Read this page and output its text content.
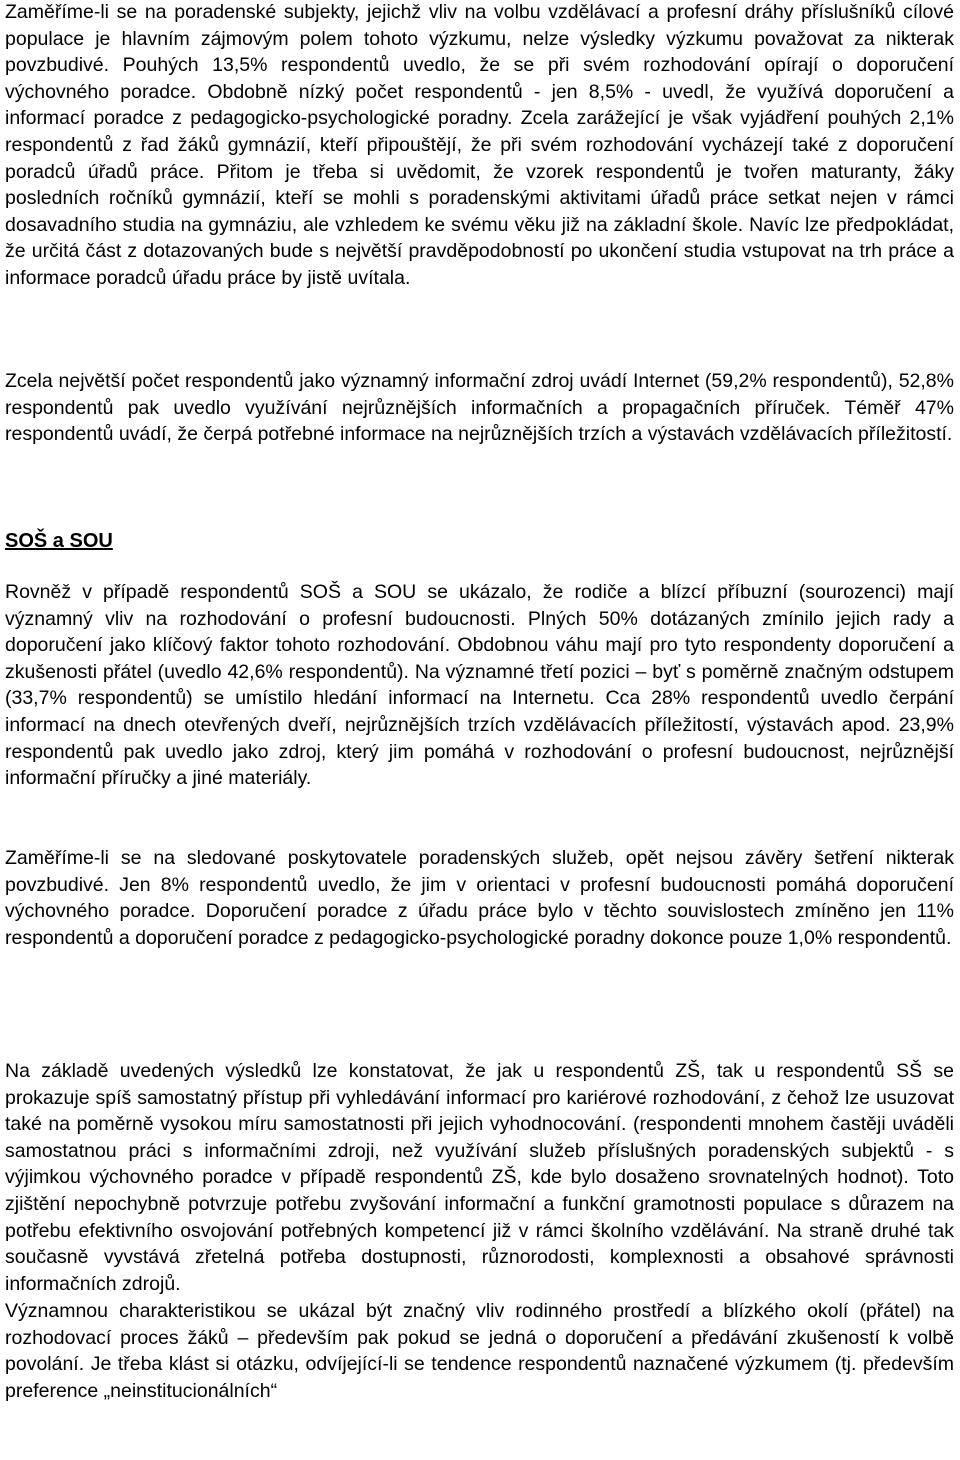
Zaměříme-li se na poradenské subjekty, jejichž vliv na volbu vzdělávací a profesní dráhy příslušníků cílové populace je hlavním zájmovým polem tohoto výzkumu, nelze výsledky výzkumu považovat za nikterak povzbudivé. Pouhých 13,5% respondentů uvedlo, že se při svém rozhodování opírají o doporučení výchovného poradce. Obdobně nízký počet respondentů - jen 8,5% - uvedl, že využívá doporučení a informací poradce z pedagogicko-psychologické poradny. Zcela zarážející je však vyjádření pouhých 2,1% respondentů z řad žáků gymnázií, kteří připouštějí, že při svém rozhodování vycházejí také z doporučení poradců úřadů práce. Přitom je třeba si uvědomit, že vzorek respondentů je tvořen maturanty, žáky posledních ročníků gymnázií, kteří se mohli s poradenskými aktivitami úřadů práce setkat nejen v rámci dosavadního studia na gymnáziu, ale vzhledem ke svému věku již na základní škole. Navíc lze předpokládat, že určitá část z dotazovaných bude s největší pravděpodobností po ukončení studia vstupovat na trh práce a informace poradců úřadu práce by jistě uvítala.

Zcela největší počet respondentů jako významný informační zdroj uvádí Internet (59,2% respondentů), 52,8% respondentů pak uvedlo využívání nejrůznějších informačních a propagačních příruček. Téměř 47% respondentů uvádí, že čerpá potřebné informace na nejrůznějších trzích a výstavách vzdělávacích příležitostí.

SOŠ a SOU

Rovněž v případě respondentů SOŠ a SOU se ukázalo, že rodiče a blízcí příbuzní (sourozenci) mají významný vliv na rozhodování o profesní budoucnosti. Plných 50% dotázaných zmínilo jejich rady a doporučení jako klíčový faktor tohoto rozhodování. Obdobnou váhu mají pro tyto respondenty doporučení a zkušenosti přátel (uvedlo 42,6% respondentů). Na významné třetí pozici – byť s poměrně značným odstupem (33,7% respondentů) se umístilo hledání informací na Internetu. Cca 28% respondentů uvedlo čerpání informací na dnech otevřených dveří, nejrůznějších trzích vzdělávacích příležitostí, výstavách apod. 23,9% respondentů pak uvedlo jako zdroj, který jim pomáhá v rozhodování o profesní budoucnost, nejrůznější informační příručky a jiné materiály.

Zaměříme-li se na sledované poskytovatele poradenských služeb, opět nejsou závěry šetření nikterak povzbudivé. Jen 8% respondentů uvedlo, že jim v orientaci v profesní budoucnosti pomáhá doporučení výchovného poradce. Doporučení poradce z úřadu práce bylo v těchto souvislostech zmíněno jen 11% respondentů a doporučení poradce z pedagogicko-psychologické poradny dokonce pouze 1,0% respondentů.

Na základě uvedených výsledků lze konstatovat, že jak u respondentů ZŠ, tak u respondentů SŠ se prokazuje spíš samostatný přístup při vyhledávání informací pro kariérové rozhodování, z čehož lze usuzovat také na poměrně vysokou míru samostatnosti při jejich vyhodnocování. (respondenti mnohem častěji uváděli samostatnou práci s informačními zdroji, než využívání služeb příslušných poradenských subjektů - s výjimkou výchovného poradce v případě respondentů ZŠ, kde bylo dosaženo srovnatelných hodnot). Toto zjištění nepochybně potvrzuje potřebu zvyšování informační a funkční gramotnosti populace s důrazem na potřebu efektivního osvojování potřebných kompetencí již v rámci školního vzdělávání. Na straně druhé tak současně vyvstává zřetelná potřeba dostupnosti, různorodosti, komplexnosti a obsahové správnosti informačních zdrojů.

Významnou charakteristikou se ukázal být značný vliv rodinného prostředí a blízkého okolí (přátel) na rozhodovací proces žáků – především pak pokud se jedná o doporučení a předávání zkušeností k volbě povolání. Je třeba klást si otázku, odvíjející-li se tendence respondentů naznačené výzkumem (tj. především preference „neinstitucionálních“
